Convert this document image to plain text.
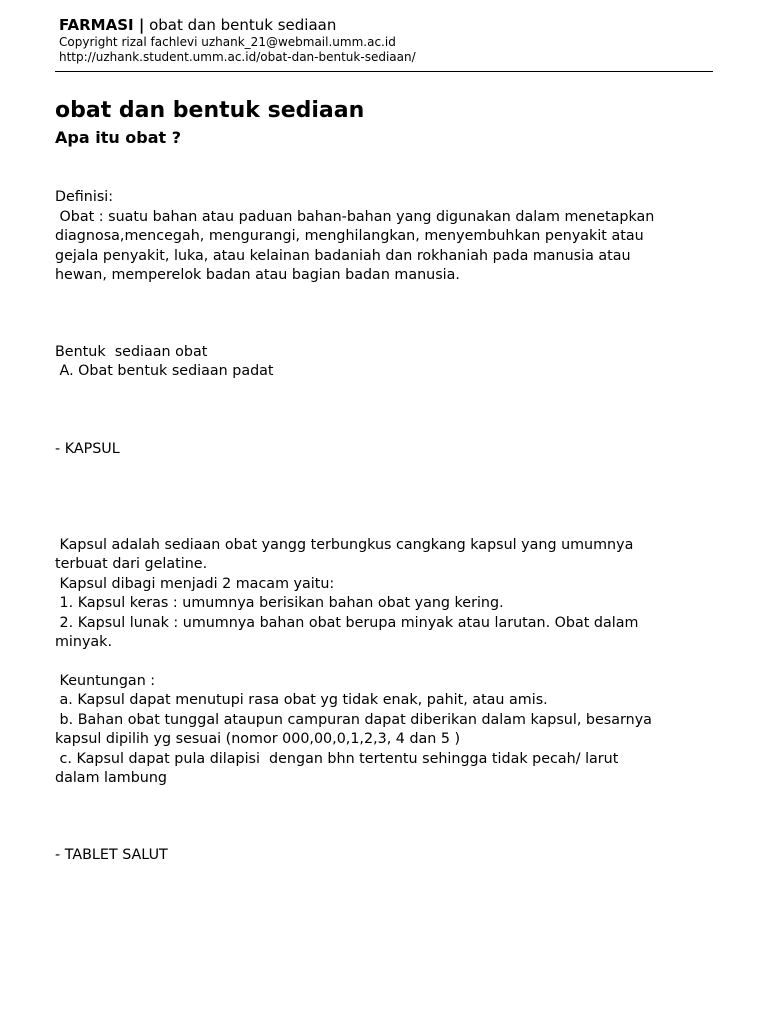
FARMASI | obat dan bentuk sediaan
Copyright rizal fachlevi uzhank_21@webmail.umm.ac.id
http://uzhank.student.umm.ac.id/obat-dan-bentuk-sediaan/
obat dan bentuk sediaan
Apa itu obat ?
Definisi:
Obat : suatu bahan atau paduan bahan-bahan yang digunakan dalam menetapkan
diagnosa,mencegah, mengurangi, menghilangkan, menyembuhkan penyakit atau
gejala penyakit, luka, atau kelainan badaniah dan rokhaniah pada manusia atau
hewan, memperelok badan atau bagian badan manusia.
Bentuk  sediaan obat
A. Obat bentuk sediaan padat
- KAPSUL
Kapsul adalah sediaan obat yangg terbungkus cangkang kapsul yang umumnya
terbuat dari gelatine.
Kapsul dibagi menjadi 2 macam yaitu:
1. Kapsul keras : umumnya berisikan bahan obat yang kering.
2. Kapsul lunak : umumnya bahan obat berupa minyak atau larutan. Obat dalam
minyak.
Keuntungan :
a. Kapsul dapat menutupi rasa obat yg tidak enak, pahit, atau amis.
b. Bahan obat tunggal ataupun campuran dapat diberikan dalam kapsul, besarnya
kapsul dipilih yg sesuai (nomor 000,00,0,1,2,3, 4 dan 5 )
c. Kapsul dapat pula dilapisi  dengan bhn tertentu sehingga tidak pecah/ larut
dalam lambung
- TABLET SALUT
